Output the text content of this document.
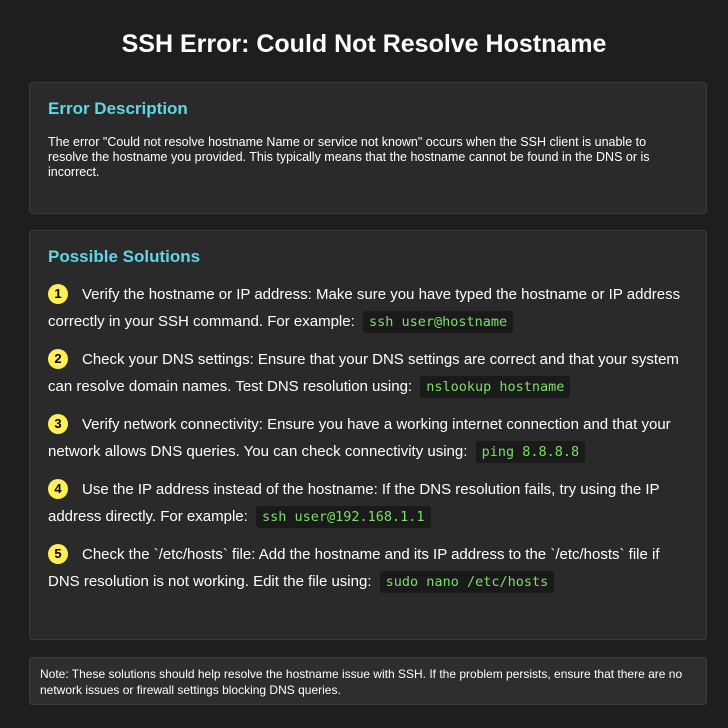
SSH Error: Could Not Resolve Hostname
Error Description

The error "Could not resolve hostname Name or service not known" occurs when the SSH client is unable to resolve the hostname you provided. This typically means that the hostname cannot be found in the DNS or is incorrect.

Possible Solutions
1 Verify the hostname or IP address: Make sure you have typed the hostname or IP address correctly in your SSH command. For example: ssh user@hostname
2 Check your DNS settings: Ensure that your DNS settings are correct and that your system can resolve domain names. Test DNS resolution using: nslookup hostname
3 Verify network connectivity: Ensure you have a working internet connection and that your network allows DNS queries. You can check connectivity using: ping 8.8.8.8
4 Use the IP address instead of the hostname: If the DNS resolution fails, try using the IP address directly. For example: ssh user@192.168.1.1
5 Check the `/etc/hosts` file: Add the hostname and its IP address to the `/etc/hosts` file if DNS resolution is not working. Edit the file using: sudo nano /etc/hosts
Note: These solutions should help resolve the hostname issue with SSH. If the problem persists, ensure that there are no network issues or firewall settings blocking DNS queries.
